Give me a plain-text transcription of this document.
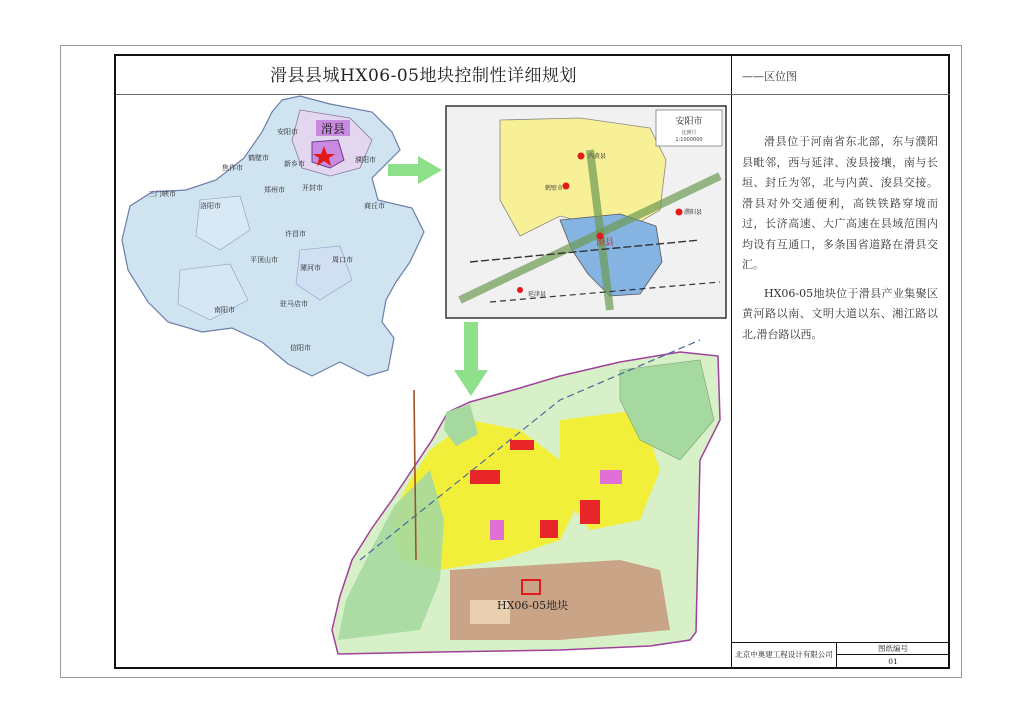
滑县县城HX06-05地块控制性详细规划	——区位图

滑县位于河南省东北部，东与濮阳县毗邻，西与延津、浚县接壤，南与长垣、封丘为邻，北与内黄、浚县交接。滑县对外交通便利，高铁铁路穿境而过，长济高速、大广高速在县域范围内均设有互通口，多条国省道路在滑县交汇。

HX06-05地块位于滑县产业集聚区黄河路以南、文明大道以东、湘江路以北,滑台路以西。

北京中奥建工程设计有限公司
图纸编号
01
滑县
安阳市
鹤壁市
新乡市
焦作市
濮阳市
郑州市 开封市
洛阳市
三门峡市
许昌市
平顶山市
漯河市
周口市
商丘市
南阳市
驻马店市
信阳市
安阳市
比例尺
1:1000000
滑县
内黄县
鹤壁市
濮阳县
延津县
HX06-05地块
